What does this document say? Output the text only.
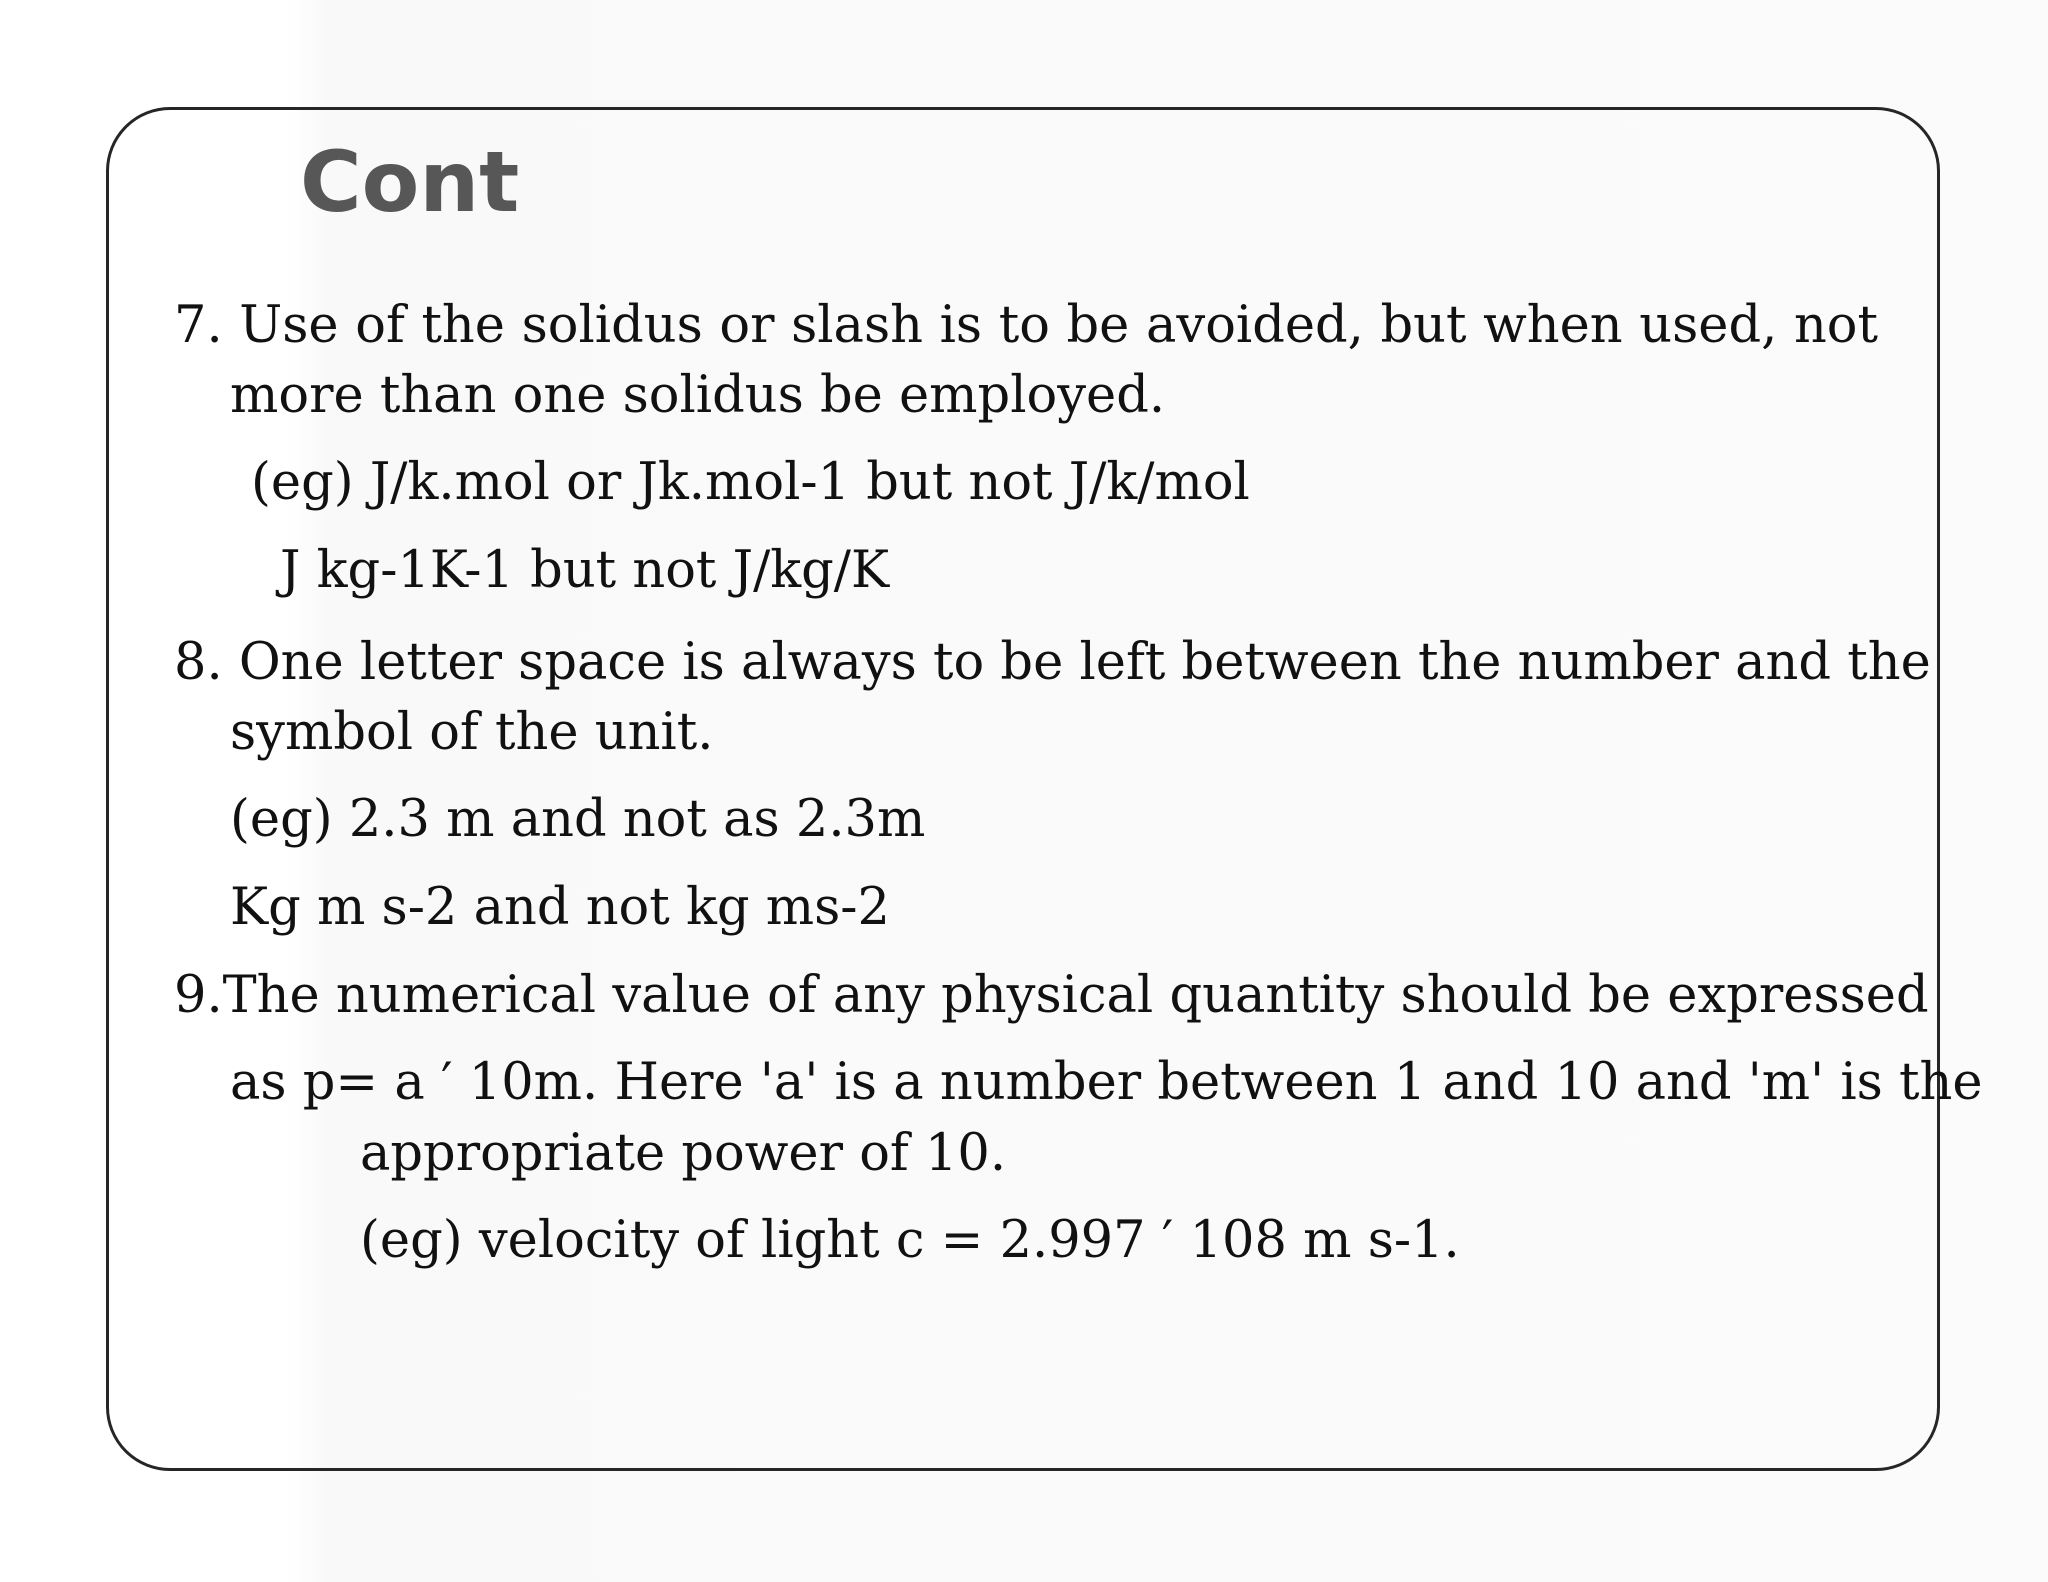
Cont

7. Use of the solidus or slash is to be avoided, but when used, not

more than one solidus be employed.

(eg) J/k.mol or Jk.mol-1 but not J/k/mol

J kg-1K-1 but not J/kg/K

8. One letter space is always to be left between the number and the

symbol of the unit.

(eg) 2.3 m and not as 2.3m

Kg m s-2 and not kg ms-2

9.The numerical value of any physical quantity should be expressed

as p= a ′ 10m. Here 'a' is a number between 1 and 10 and 'm' is the

appropriate power of 10.

(eg) velocity of light c = 2.997 ′ 108 m s-1.
